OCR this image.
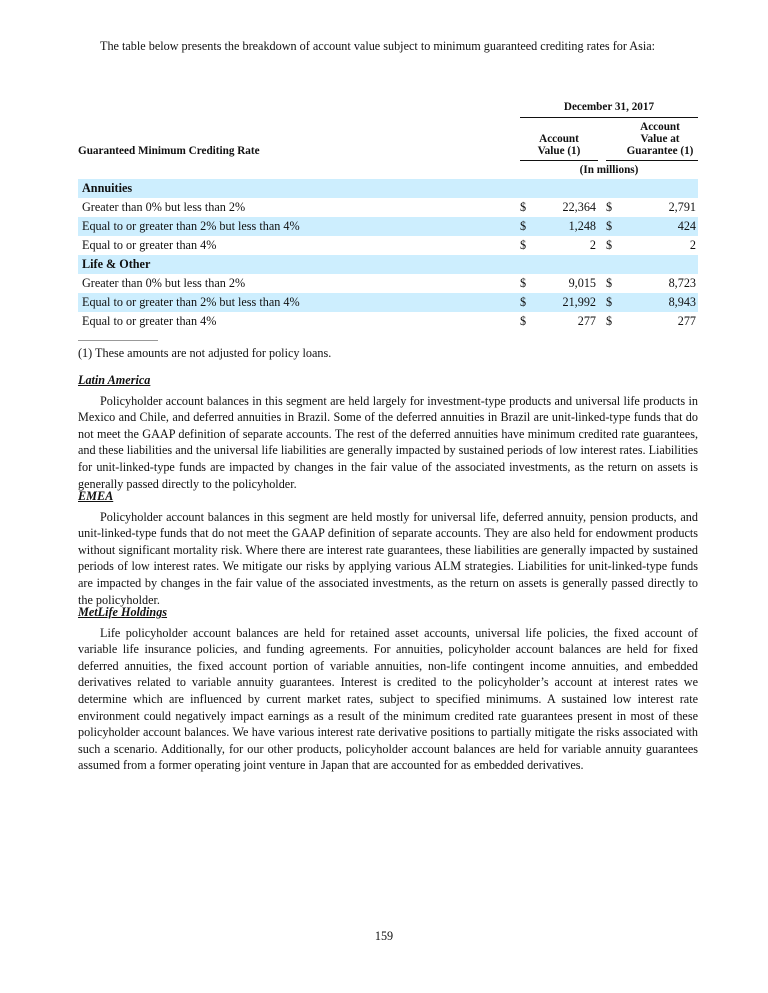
The table below presents the breakdown of account value subject to minimum guaranteed crediting rates for Asia:
	December 31, 2017				
Guaranteed Minimum Crediting Rate	Account Value (1)			Account Value at Guarantee (1)	
	(In millions)				
Annuities					
Greater than 0% but less than 2%	$	22,364		$	2,791
Equal to or greater than 2% but less than 4%	$	1,248		$	424
Equal to or greater than 4%	$	2		$	2
Life & Other					
Greater than 0% but less than 2%	$	9,015		$	8,723
Equal to or greater than 2% but less than 4%	$	21,992		$	8,943
Equal to or greater than 4%	$	277		$	277
(1) These amounts are not adjusted for policy loans.
Latin America
Policyholder account balances in this segment are held largely for investment-type products and universal life products in Mexico and Chile, and deferred annuities in Brazil. Some of the deferred annuities in Brazil are unit-linked-type funds that do not meet the GAAP definition of separate accounts. The rest of the deferred annuities have minimum credited rate guarantees, and these liabilities and the universal life liabilities are generally impacted by sustained periods of low interest rates. Liabilities for unit-linked-type funds are impacted by changes in the fair value of the associated investments, as the return on assets is generally passed directly to the policyholder.
EMEA
Policyholder account balances in this segment are held mostly for universal life, deferred annuity, pension products, and unit-linked-type funds that do not meet the GAAP definition of separate accounts. They are also held for endowment products without significant mortality risk. Where there are interest rate guarantees, these liabilities are generally impacted by sustained periods of low interest rates. We mitigate our risks by applying various ALM strategies. Liabilities for unit-linked-type funds are impacted by changes in the fair value of the associated investments, as the return on assets is generally passed directly to the policyholder.
MetLife Holdings
Life policyholder account balances are held for retained asset accounts, universal life policies, the fixed account of variable life insurance policies, and funding agreements. For annuities, policyholder account balances are held for fixed deferred annuities, the fixed account portion of variable annuities, non-life contingent income annuities, and embedded derivatives related to variable annuity guarantees. Interest is credited to the policyholder’s account at interest rates we determine which are influenced by current market rates, subject to specified minimums. A sustained low interest rate environment could negatively impact earnings as a result of the minimum credited rate guarantees present in most of these policyholder account balances. We have various interest rate derivative positions to partially mitigate the risks associated with such a scenario. Additionally, for our other products, policyholder account balances are held for variable annuity guarantees assumed from a former operating joint venture in Japan that are accounted for as embedded derivatives.
159
